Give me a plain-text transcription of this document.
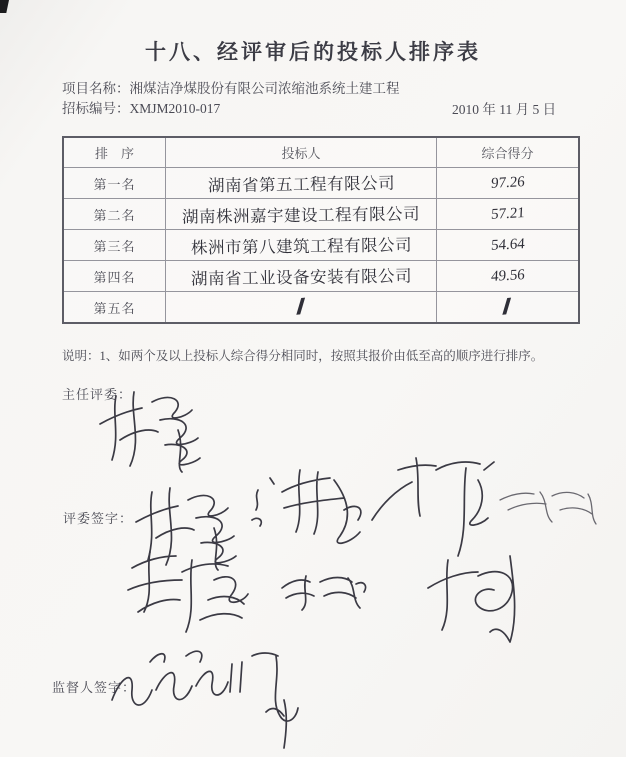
十八、经评审后的投标人排序表
项目名称：湘煤洁净煤股份有限公司浓缩池系统土建工程
招标编号：XMJM2010-017	2010 年 11 月 5 日
排　序	投标人	综合得分
第一名	湖南省第五工程有限公司	97.26
第二名	湖南株洲嘉宇建设工程有限公司	57.21
第三名	株洲市第八建筑工程有限公司	54.64
第四名	湖南省工业设备安装有限公司	49.56
第五名	/	/
说明：1、如两个及以上投标人综合得分相同时，按照其报价由低至高的顺序进行排序。
主任评委：
评委签字：
监督人签字：
